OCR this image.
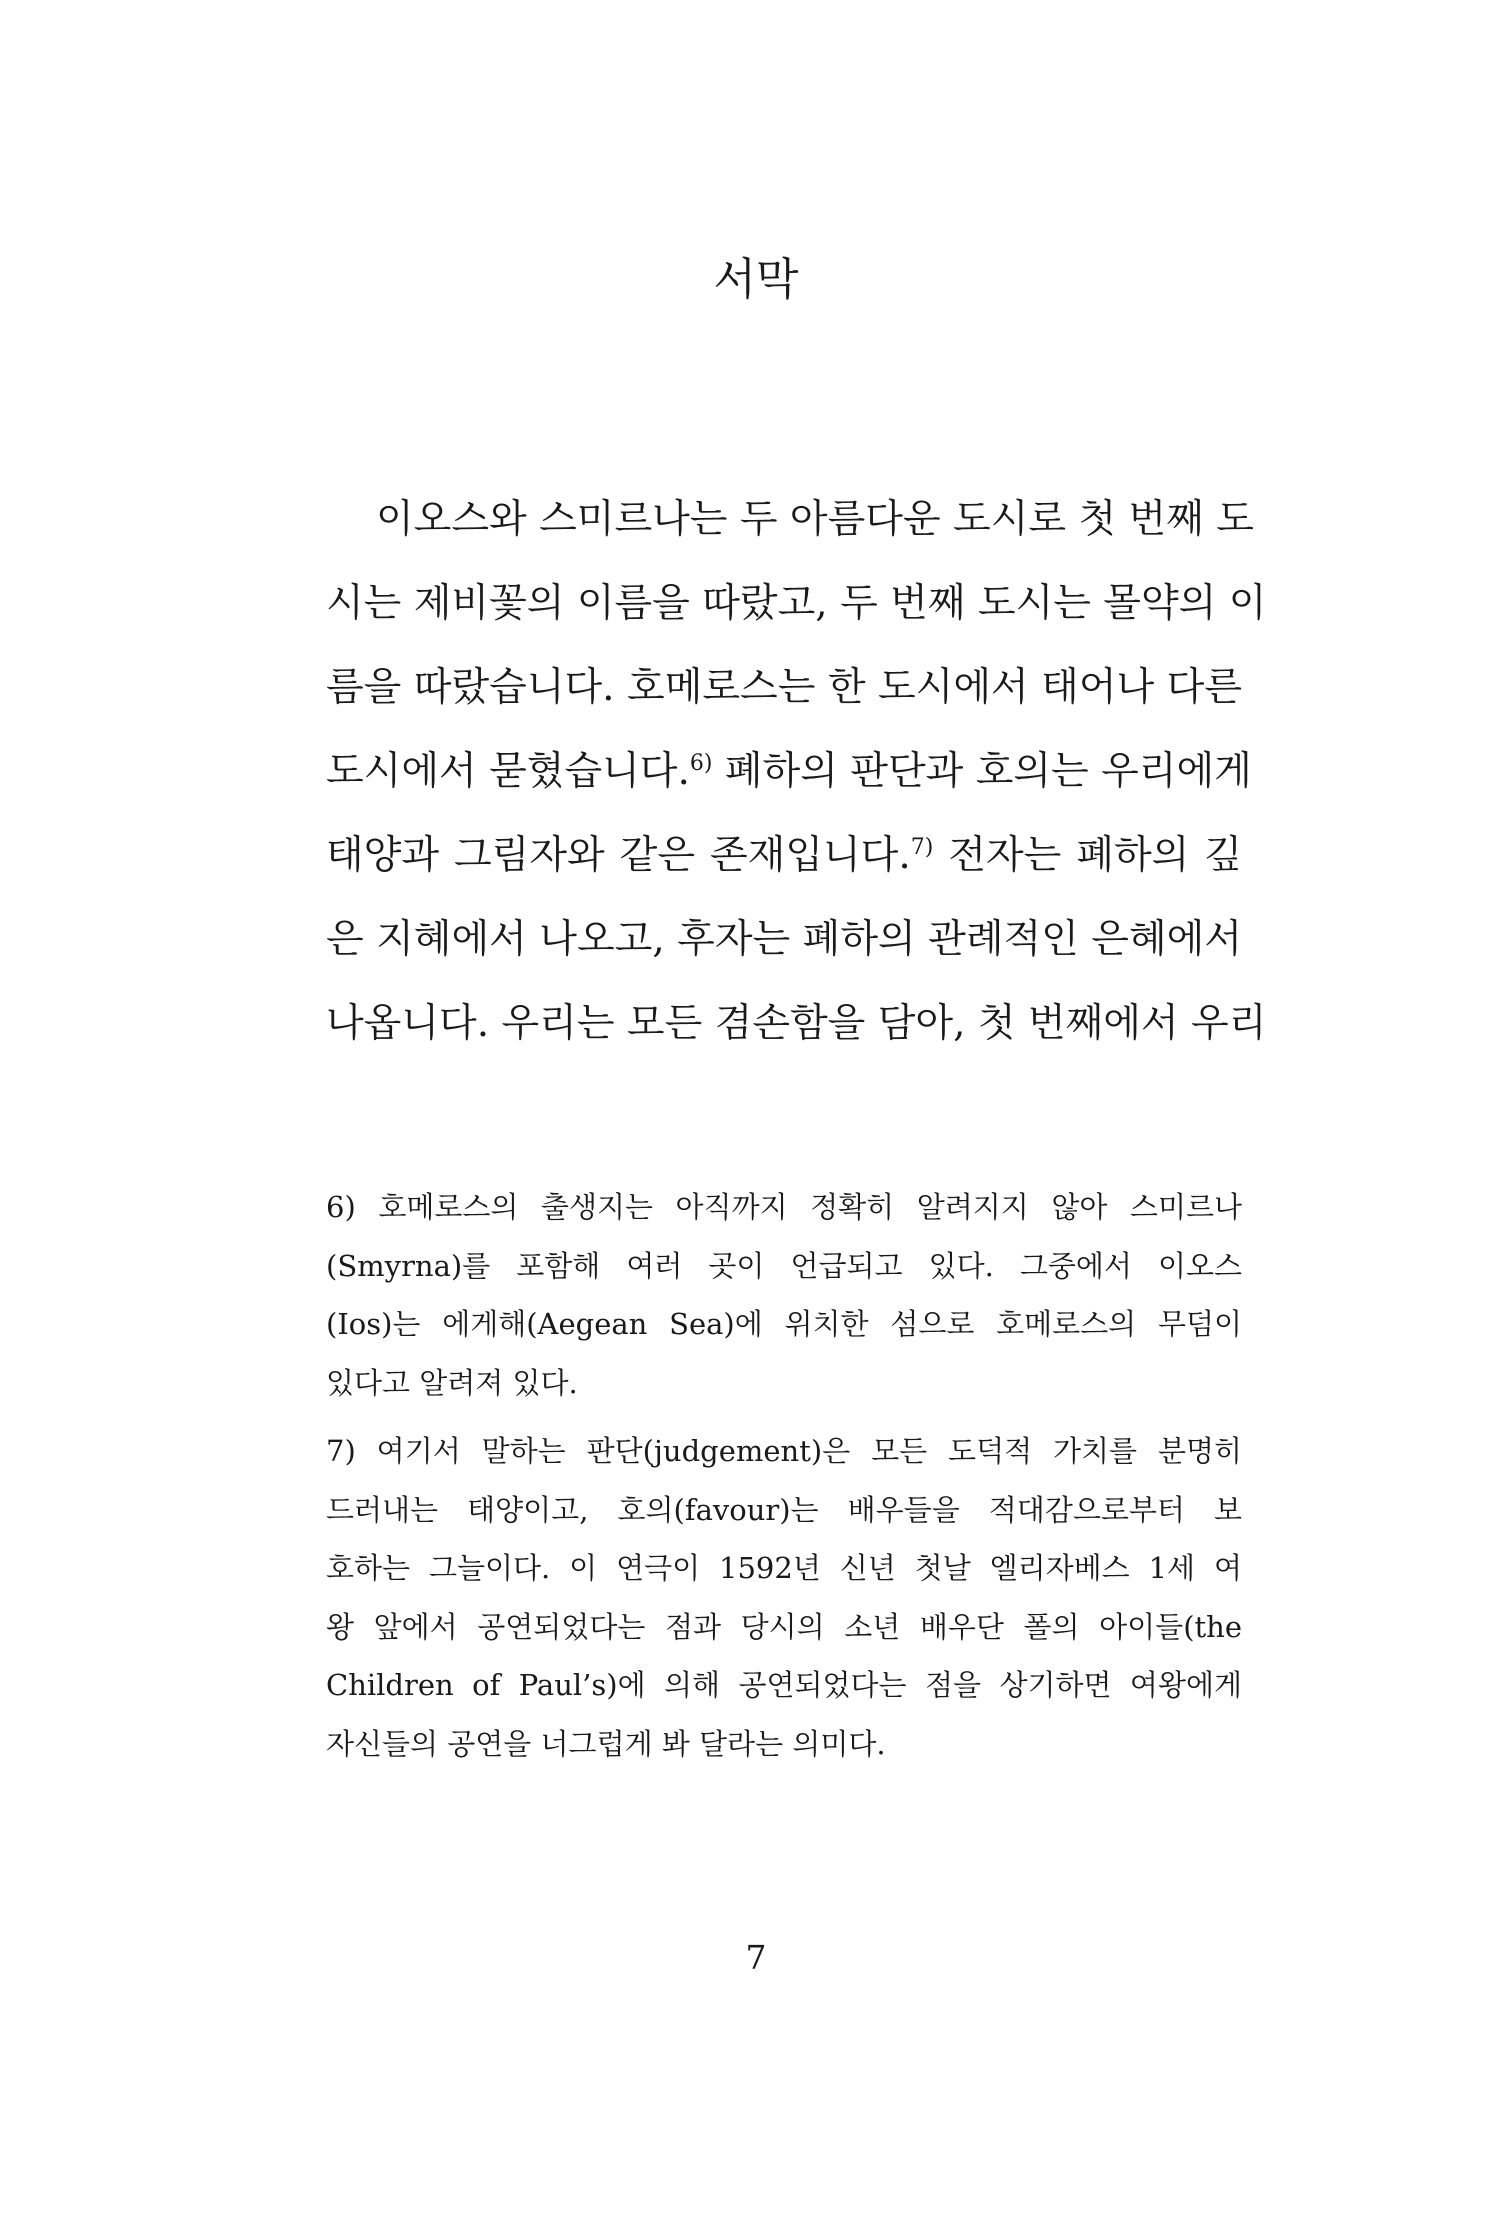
서막
이오스와 스미르나는 두 아름다운 도시로 첫 번째 도
시는 제비꽃의 이름을 따랐고, 두 번째 도시는 몰약의 이
름을 따랐습니다. 호메로스는 한 도시에서 태어나 다른
도시에서 묻혔습니다.$^{6)}$ 폐하의 판단과 호의는 우리에게
태양과 그림자와 같은 존재입니다.$^{7)}$ 전자는 폐하의 깊
은 지혜에서 나오고, 후자는 폐하의 관례적인 은혜에서
나옵니다. 우리는 모든 겸손함을 담아, 첫 번째에서 우리
6) 호메로스의 출생지는 아직까지 정확히 알려지지 않아 스미르나
(Smyrna)를 포함해 여러 곳이 언급되고 있다. 그중에서 이오스
(Ios)는 에게해(Aegean Sea)에 위치한 섬으로 호메로스의 무덤이
있다고 알려져 있다.
7) 여기서 말하는 판단(judgement)은 모든 도덕적 가치를 분명히
드러내는 태양이고, 호의(favour)는 배우들을 적대감으로부터 보
호하는 그늘이다. 이 연극이 1592년 신년 첫날 엘리자베스 1세 여
왕 앞에서 공연되었다는 점과 당시의 소년 배우단 폴의 아이들(the
Children of Paul’s)에 의해 공연되었다는 점을 상기하면 여왕에게
자신들의 공연을 너그럽게 봐 달라는 의미다.
7
